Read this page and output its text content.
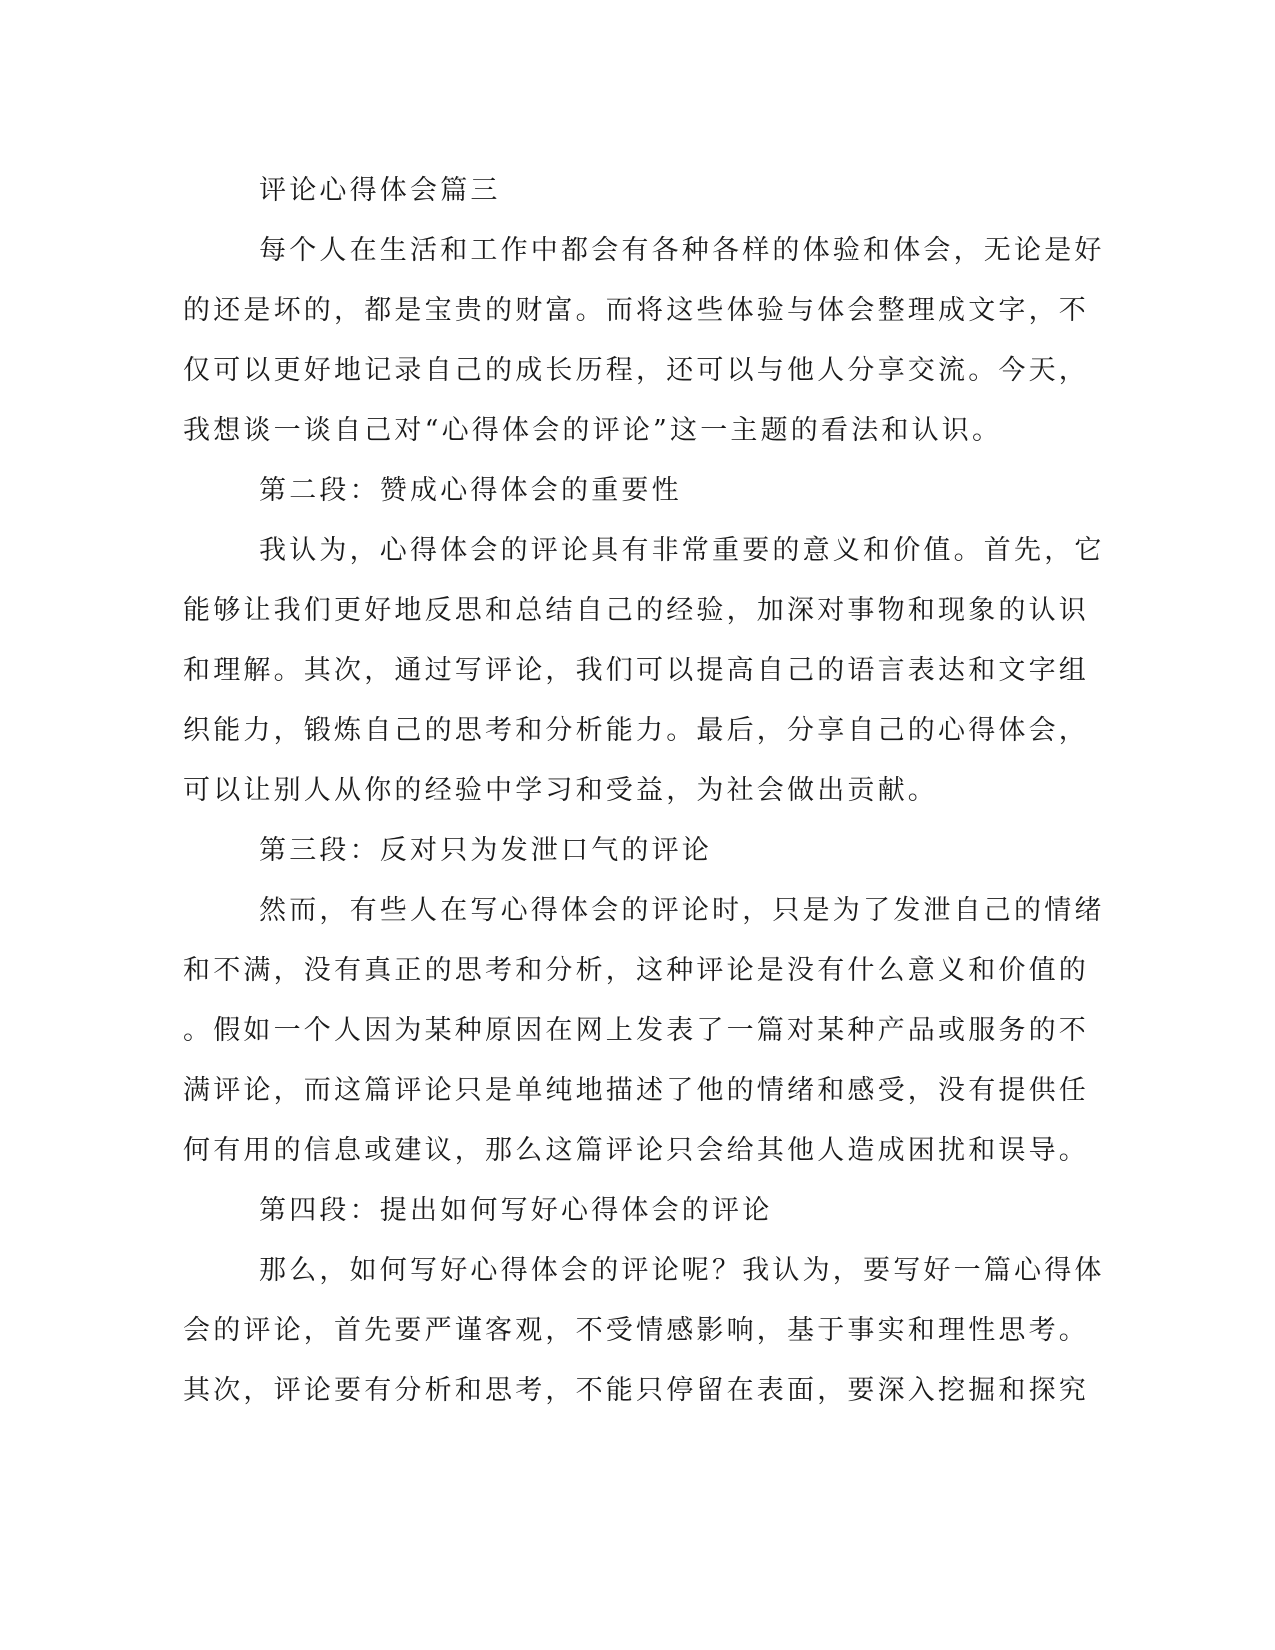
评论心得体会篇三
每个人在生活和工作中都会有各种各样的体验和体会，无论是好
的还是坏的，都是宝贵的财富。而将这些体验与体会整理成文字，不
仅可以更好地记录自己的成长历程，还可以与他人分享交流。今天，
我想谈一谈自己对“心得体会的评论”这一主题的看法和认识。
第二段：赞成心得体会的重要性
我认为，心得体会的评论具有非常重要的意义和价值。首先，它
能够让我们更好地反思和总结自己的经验，加深对事物和现象的认识
和理解。其次，通过写评论，我们可以提高自己的语言表达和文字组
织能力，锻炼自己的思考和分析能力。最后，分享自己的心得体会，
可以让别人从你的经验中学习和受益，为社会做出贡献。
第三段：反对只为发泄口气的评论
然而，有些人在写心得体会的评论时，只是为了发泄自己的情绪
和不满，没有真正的思考和分析，这种评论是没有什么意义和价值的
。假如一个人因为某种原因在网上发表了一篇对某种产品或服务的不
满评论，而这篇评论只是单纯地描述了他的情绪和感受，没有提供任
何有用的信息或建议，那么这篇评论只会给其他人造成困扰和误导。
第四段：提出如何写好心得体会的评论
那么，如何写好心得体会的评论呢？我认为，要写好一篇心得体
会的评论，首先要严谨客观，不受情感影响，基于事实和理性思考。
其次，评论要有分析和思考，不能只停留在表面，要深入挖掘和探究
